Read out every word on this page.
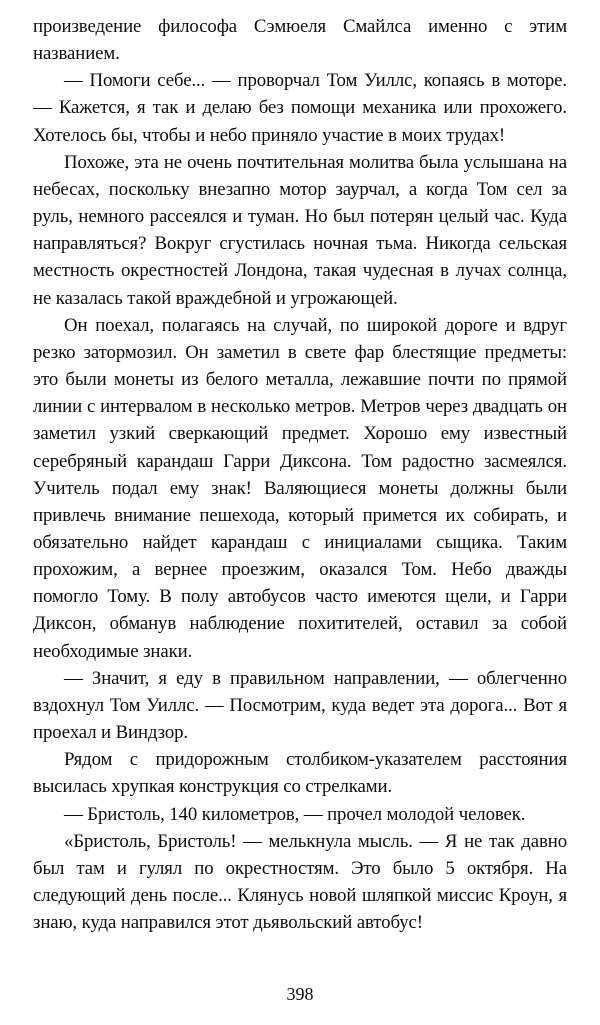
произведение философа Сэмюеля Смайлса именно с этим названием.

— Помоги себе... — проворчал Том Уиллс, копаясь в моторе. — Кажется, я так и делаю без помощи механика или прохожего. Хотелось бы, чтобы и небо приняло участие в моих трудах!

Похоже, эта не очень почтительная молитва была услышана на небесах, поскольку внезапно мотор заурчал, а когда Том сел за руль, немного рассеялся и туман. Но был потерян целый час. Куда направляться? Вокруг сгустилась ночная тьма. Никогда сельская местность окрестностей Лондона, такая чудесная в лучах солнца, не казалась такой враждебной и угрожающей.

Он поехал, полагаясь на случай, по широкой дороге и вдруг резко затормозил. Он заметил в свете фар блестящие предметы: это были монеты из белого металла, лежавшие почти по прямой линии с интервалом в несколько метров. Метров через двадцать он заметил узкий сверкающий предмет. Хорошо ему известный серебряный карандаш Гарри Диксона. Том радостно засмеялся. Учитель подал ему знак! Валяющиеся монеты должны были привлечь внимание пешехода, который примется их собирать, и обязательно найдет карандаш с инициалами сыщика. Таким прохожим, а вернее проезжим, оказался Том. Небо дважды помогло Тому. В полу автобусов часто имеются щели, и Гарри Диксон, обманув наблюдение похитителей, оставил за собой необходимые знаки.

— Значит, я еду в правильном направлении, — облегченно вздохнул Том Уиллс. — Посмотрим, куда ведет эта дорога... Вот я проехал и Виндзор.

Рядом с придорожным столбиком-указателем расстояния высилась хрупкая конструкция со стрелками.

— Бристоль, 140 километров, — прочел молодой человек.

«Бристоль, Бристоль! — мелькнула мысль. — Я не так давно был там и гулял по окрестностям. Это было 5 октября. На следующий день после... Клянусь новой шляпкой миссис Кроун, я знаю, куда направился этот дьявольский автобус!

398
